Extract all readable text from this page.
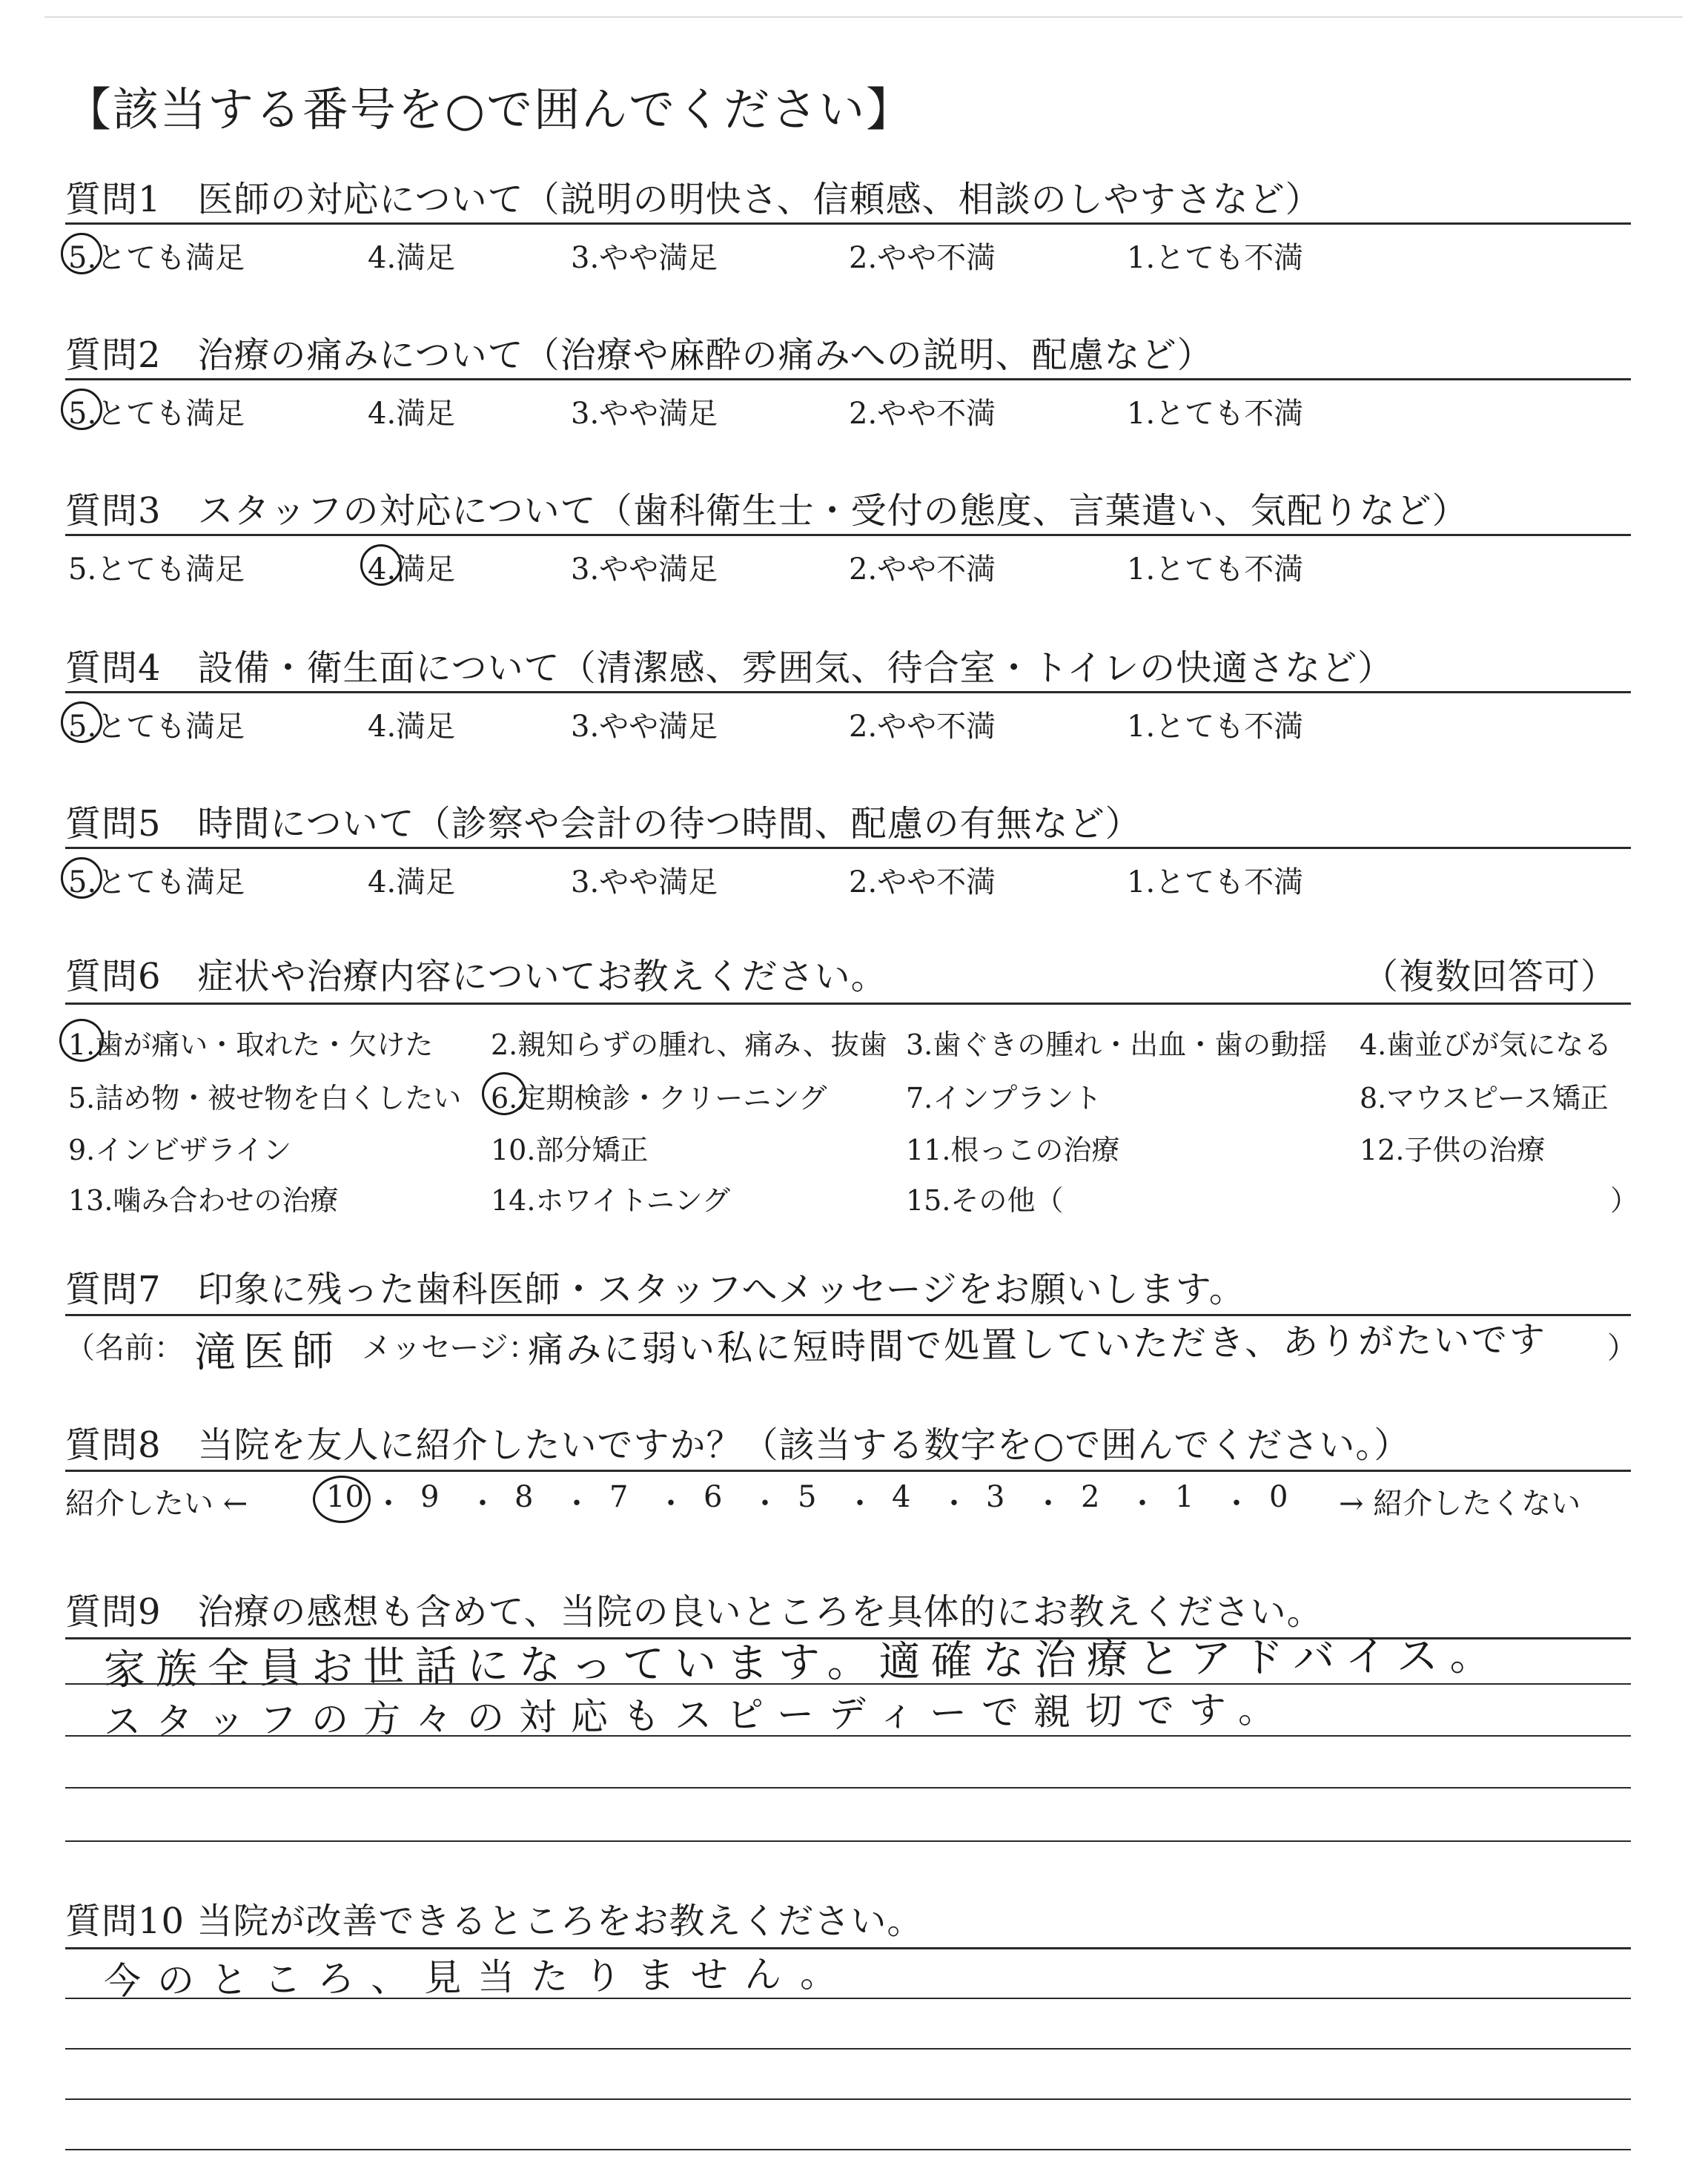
【該当する番号を○で囲んでください】
質問6　症状や治療内容についてお教えください。	（複数回答可）
質問7　印象に残った歯科医師・スタッフへメッセージをお願いします。
（名前： 滝医師 メッセージ：
痛みに弱い私に短時間で処置していただき、ありがたいです ）
質問8　当院を友人に紹介したいですか？（該当する数字を○で囲んでください。）
紹介したい ←	→ 紹介したくない
質問9　治療の感想も含めて、当院の良いところを具体的にお教えください。
家族全員お世話になっています。適確な治療とアドバイス。
スタッフの方々の対応もスピーディーで親切です。
質問10 当院が改善できるところをお教えください。
今のところ、見当たりません。
質問1　医師の対応について（説明の明快さ、信頼感、相談のしやすさなど）
5.とても満足	4.満足	3.やや満足	2.やや不満	1.とても不満
質問2　治療の痛みについて（治療や麻酔の痛みへの説明、配慮など）
5.とても満足	4.満足	3.やや満足	2.やや不満	1.とても不満
質問3　スタッフの対応について（歯科衛生士・受付の態度、言葉遣い、気配りなど）
5.とても満足	4.満足	3.やや満足	2.やや不満	1.とても不満
質問4　設備・衛生面について（清潔感、雰囲気、待合室・トイレの快適さなど）
5.とても満足	4.満足	3.やや満足	2.やや不満	1.とても不満
質問5　時間について（診察や会計の待つ時間、配慮の有無など）
5.とても満足	4.満足	3.やや満足	2.やや不満	1.とても不満
1.歯が痛い・取れた・欠けた 2.親知らずの腫れ、痛み、抜歯 3.歯ぐきの腫れ・出血・歯の動揺 4.歯並びが気になる
5.詰め物・被せ物を白くしたい 6.定期検診・クリーニング	7.インプラント	8.マウスピース矯正
9.インビザライン	10.部分矯正	11.根っこの治療	12.子供の治療
13.噛み合わせの治療	14.ホワイトニング	15.その他（	）
10 ・ 9 ・ 8 ・ 7 ・ 6 ・ 5 ・ 4 ・ 3 ・ 2 ・ 1 ・ 0
